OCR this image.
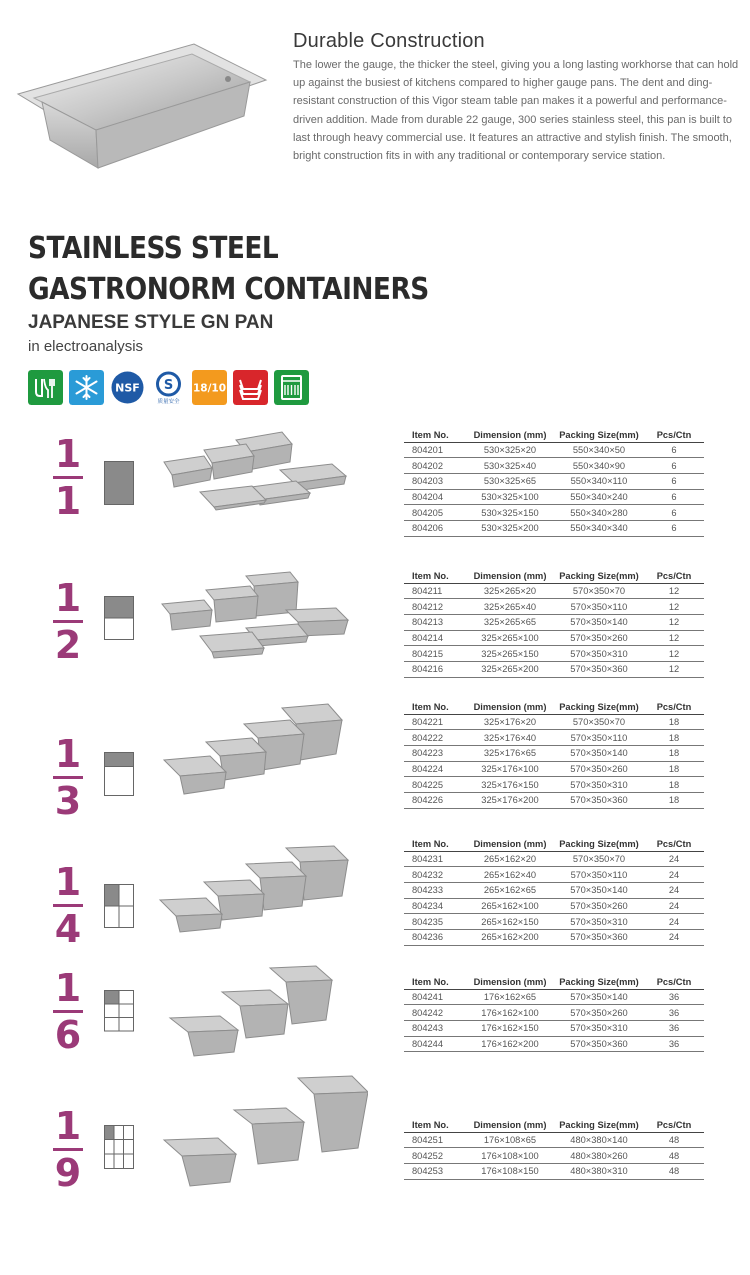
Durable Construction
The lower the gauge, the thicker the steel, giving you a long lasting workhorse that can hold up against the busiest of kitchens compared to higher gauge pans. The dent and ding-resistant construction of this Vigor steam table pan makes it a powerful and performance-driven addition. Made from durable 22 gauge, 300 series stainless steel, this pan is built to last through heavy commercial use. It features an attractive and stylish finish. The smooth, bright construction fits in with any traditional or contemporary service station.
STAINLESS STEEL
GASTRONORM CONTAINERS
JAPANESE STYLE GN PAN
in electroanalysis
NSF S
质量安全
18/10
1
1
Item No.	Dimension (mm)	Packing Size(mm)	Pcs/Ctn
804201	530×325×20	550×340×50	6
804202	530×325×40	550×340×90	6
804203	530×325×65	550×340×110	6
804204	530×325×100	550×340×240	6
804205	530×325×150	550×340×280	6
804206	530×325×200	550×340×340	6
1
2
Item No.	Dimension (mm)	Packing Size(mm)	Pcs/Ctn
804211	325×265×20	570×350×70	12
804212	325×265×40	570×350×110	12
804213	325×265×65	570×350×140	12
804214	325×265×100	570×350×260	12
804215	325×265×150	570×350×310	12
804216	325×265×200	570×350×360	12
1
3
Item No.	Dimension (mm)	Packing Size(mm)	Pcs/Ctn
804221	325×176×20	570×350×70	18
804222	325×176×40	570×350×110	18
804223	325×176×65	570×350×140	18
804224	325×176×100	570×350×260	18
804225	325×176×150	570×350×310	18
804226	325×176×200	570×350×360	18
1
4
Item No.	Dimension (mm)	Packing Size(mm)	Pcs/Ctn
804231	265×162×20	570×350×70	24
804232	265×162×40	570×350×110	24
804233	265×162×65	570×350×140	24
804234	265×162×100	570×350×260	24
804235	265×162×150	570×350×310	24
804236	265×162×200	570×350×360	24
1
6
Item No.	Dimension (mm)	Packing Size(mm)	Pcs/Ctn
804241	176×162×65	570×350×140	36
804242	176×162×100	570×350×260	36
804243	176×162×150	570×350×310	36
804244	176×162×200	570×350×360	36
1
9
Item No.	Dimension (mm)	Packing Size(mm)	Pcs/Ctn
804251	176×108×65	480×380×140	48
804252	176×108×100	480×380×260	48
804253	176×108×150	480×380×310	48
